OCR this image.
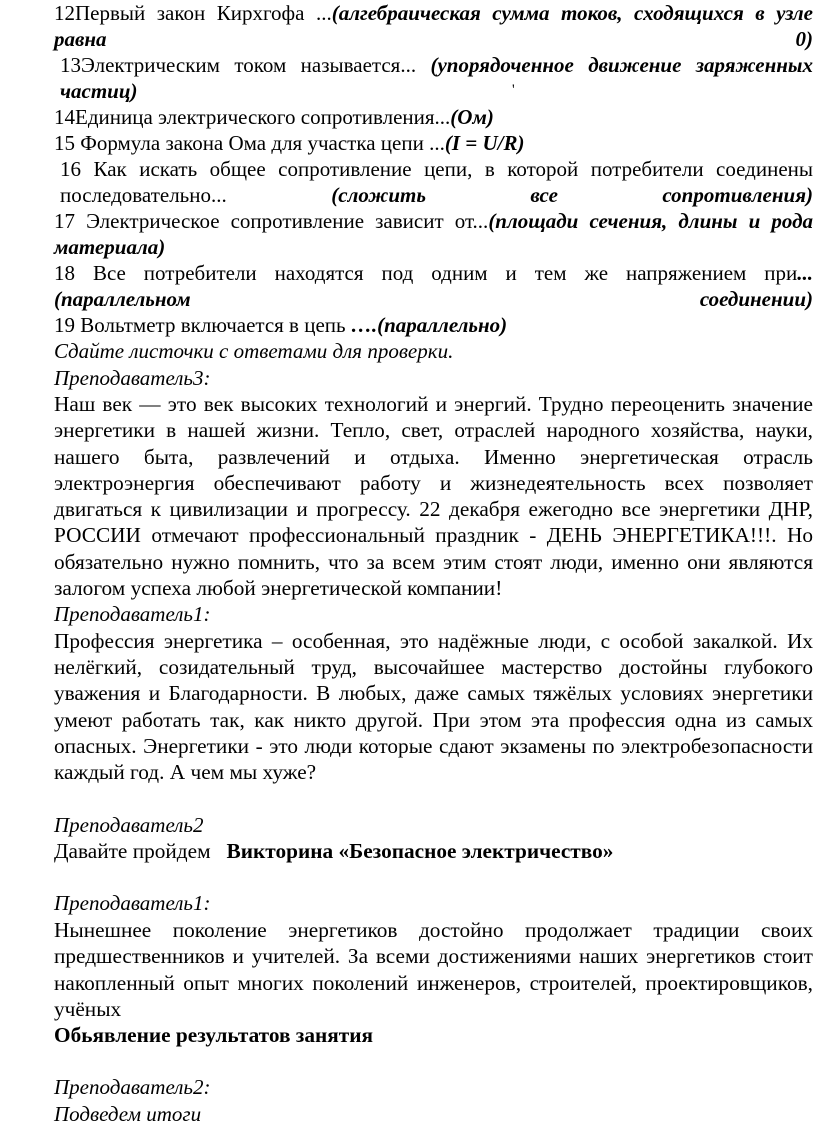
'

12Первый закон Кирхгофа ...(алгебраическая сумма токов, сходящихся в узле равна 0)

13Электрическим током называется... (упорядоченное движение заряженных частиц)

14Единица электрического сопротивления...(Ом)

15 Формула закона Ома для участка цепи ...(I = U/R)

16 Как искать общее сопротивление цепи, в которой потребители соединены последовательно... (сложить все сопротивления)

17 Электрическое сопротивление зависит от...(площади сечения, длины и рода материала)

18 Все потребители находятся под одним и тем же напряжением при...(параллельном соединении)

19 Вольтметр включается в цепь ….(параллельно)

Сдайте листочки с ответами для проверки.

Преподаватель3:

Наш век — это век высоких технологий и энергий. Трудно переоценить значение энергетики в нашей жизни. Тепло, свет, отраслей народного хозяйства, науки, нашего быта, развлечений и отдыха. Именно энергетическая отрасль электроэнергия обеспечивают работу и жизнедеятельность всех позволяет двигаться к цивилизации и прогрессу. 22 декабря ежегодно все энергетики ДНР, РОССИИ отмечают профессиональный праздник - ДЕНЬ ЭНЕРГЕТИКА!!!. Но обязательно нужно помнить, что за всем этим стоят люди, именно они являются залогом успеха любой энергетической компании!

Преподаватель1:

Профессия энергетика – особенная, это надёжные люди, с особой закалкой. Их нелёгкий, созидательный труд, высочайшее мастерство достойны глубокого уважения и Благодарности. В любых, даже самых тяжёлых условиях энергетики умеют работать так, как никто другой. При этом эта профессия одна из самых опасных. Энергетики - это люди которые сдают экзамены по электробезопасности каждый год. А чем мы хуже?

Преподаватель2

Давайте пройдем   Викторина «Безопасное электричество»

Преподаватель1:

Нынешнее поколение энергетиков достойно продолжает традиции своих предшественников и учителей. За всеми достижениями наших энергетиков стоит накопленный опыт многих поколений инженеров, строителей, проектировщиков, учёных

Обьявление результатов занятия

Преподаватель2:

Подведем итоги
